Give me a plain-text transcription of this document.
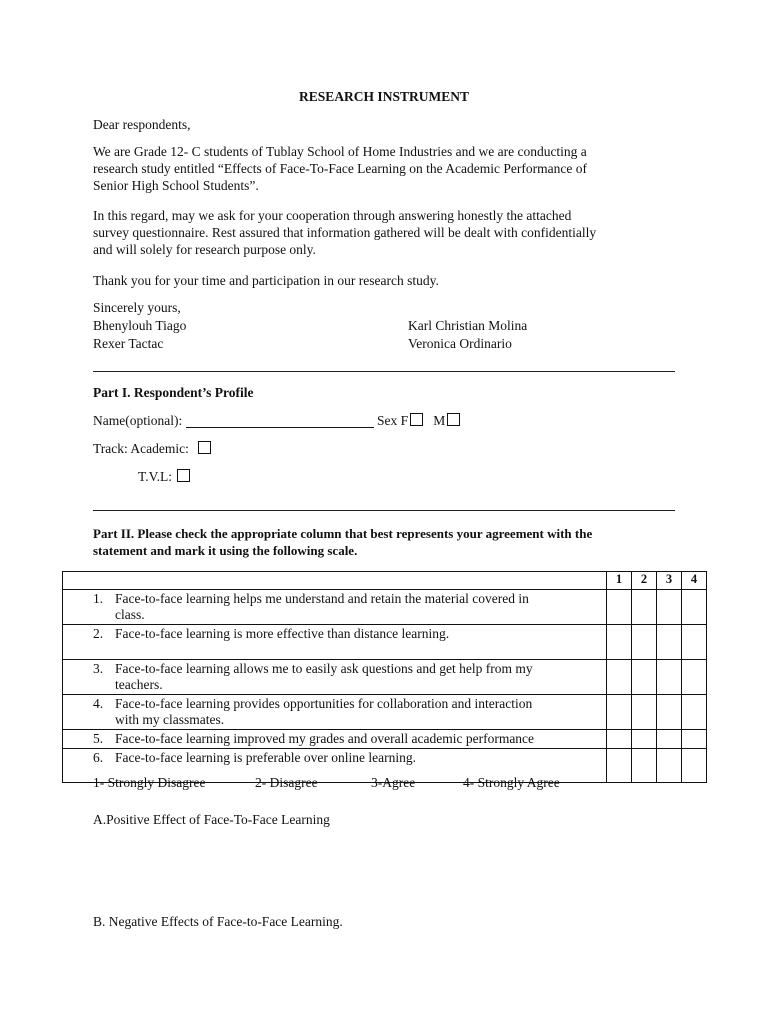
RESEARCH INSTRUMENT
Dear respondents,
We are Grade 12- C students of Tublay School of Home Industries and we are conducting a
research study entitled “Effects of Face-To-Face Learning on the Academic Performance of
Senior High School Students”.
In this regard, may we ask for your cooperation through answering honestly the attached
survey questionnaire. Rest assured that information gathered will be dealt with confidentially
and will solely for research purpose only.
Thank you for your time and participation in our research study.
Sincerely yours,
Bhenylouh Tiago	Karl Christian Molina
Rexer Tactac	Veronica Ordinario
Part I. Respondent’s Profile
Name(optional):	Sex F M
Track: Academic:
T.V.L:
Part II. Please check the appropriate column that best represents your agreement with the
statement and mark it using the following scale.
1- Strongly Disagree	2- Disagree	3-Agree	4- Strongly Agree
A.Positive Effect of Face-To-Face Learning
B. Negative Effects of Face-to-Face Learning.
	1	2	3	4

1. Face-to-face learning helps me understand and retain the material covered in
class.				

2. Face-to-face learning is more effective than distance learning.				

3. Face-to-face learning allows me to easily ask questions and get help from my
teachers.				

4. Face-to-face learning provides opportunities for collaboration and interaction
with my classmates.				

5. Face-to-face learning improved my grades and overall academic performance				

6. Face-to-face learning is preferable over online learning.				
